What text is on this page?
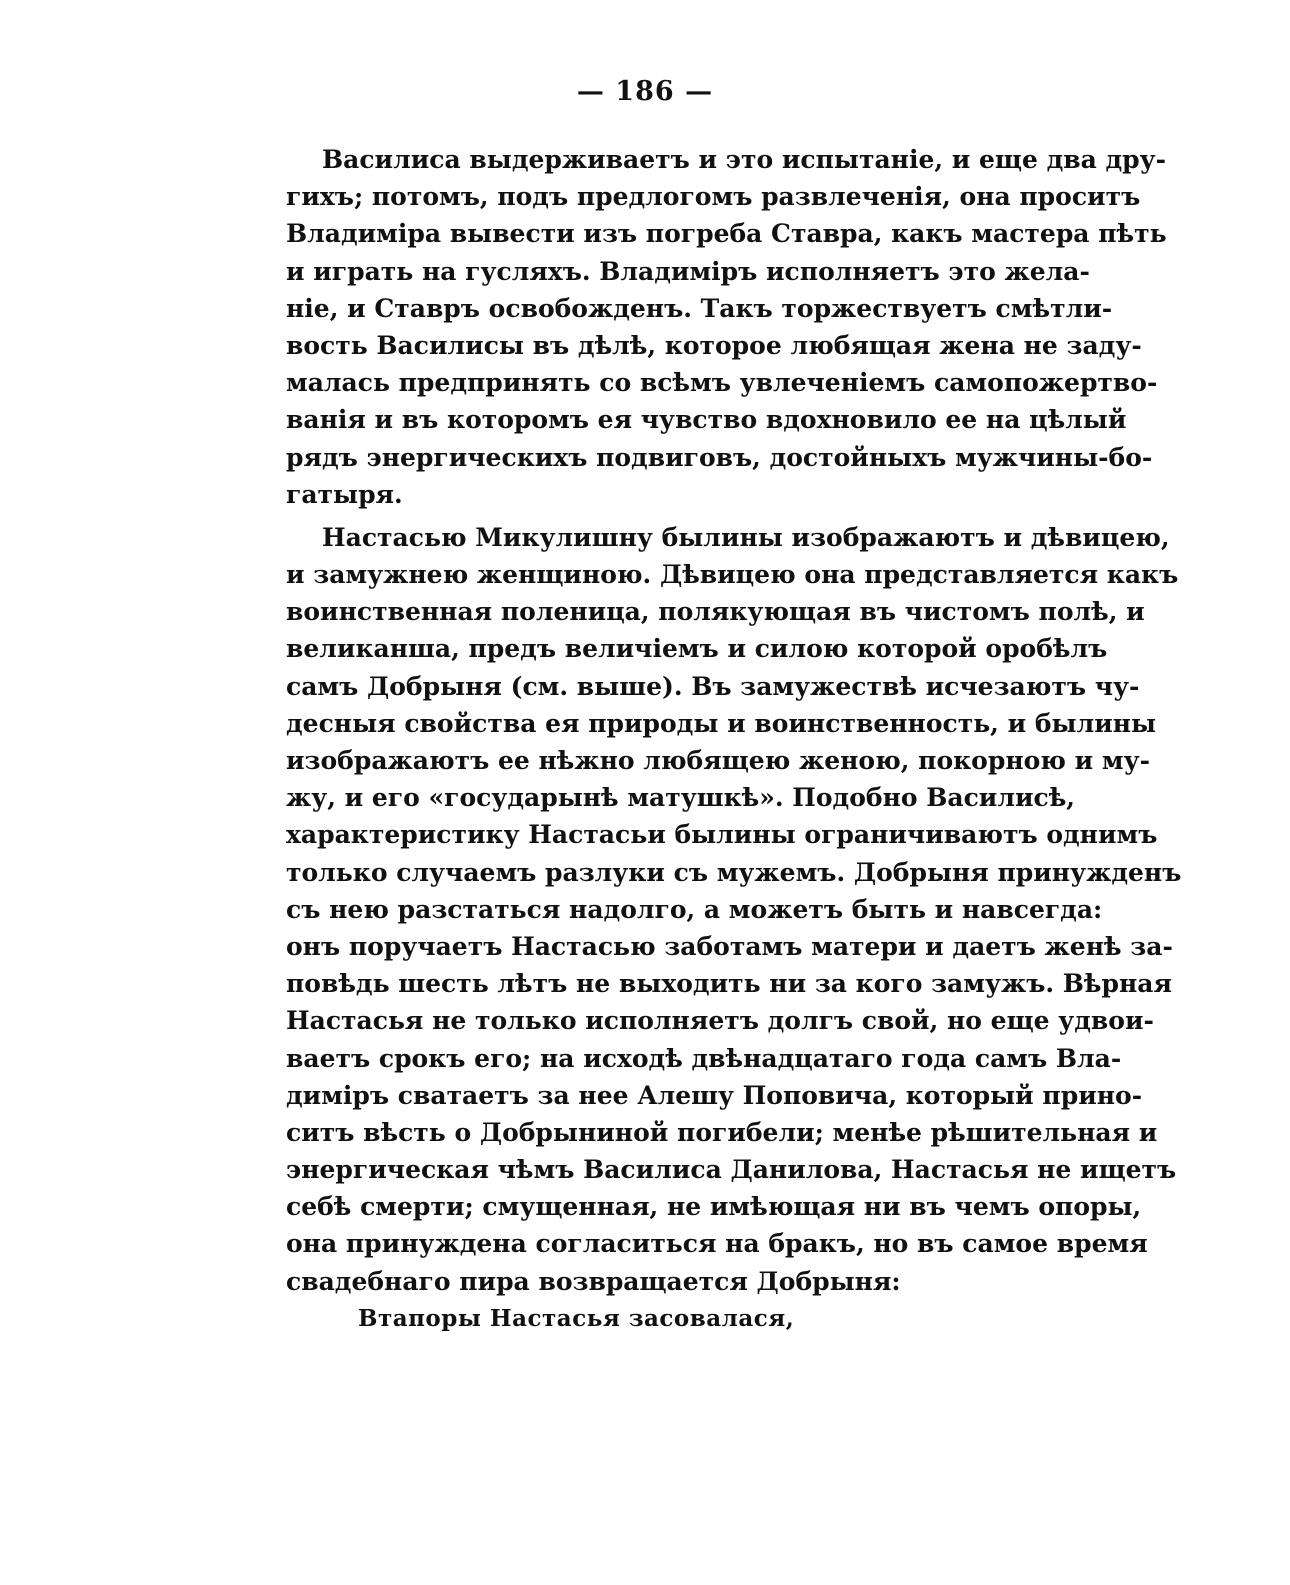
— 186 —
Василиса выдерживаетъ и это испытаніе, и еще два дру-
гихъ; потомъ, подъ предлогомъ развлеченія, она проситъ
Владиміра вывести изъ погреба Ставра, какъ мастера пѣть
и играть на гусляхъ. Владиміръ исполняетъ это жела-
ніе, и Ставръ освобожденъ. Такъ торжествуетъ смѣтли-
вость Василисы въ дѣлѣ, которое любящая жена не заду-
малась предпринять со всѣмъ увлеченіемъ самопожертво-
ванія и въ которомъ ея чувство вдохновило ее на цѣлый
рядъ энергическихъ подвиговъ, достойныхъ мужчины-бо-
гатыря.
Настасью Микулишну былины изображаютъ и дѣвицею,
и замужнею женщиною. Дѣвицею она представляется какъ
воинственная поленица, полякующая въ чистомъ полѣ, и
великанша, предъ величіемъ и силою которой оробѣлъ
самъ Добрыня (см. выше). Въ замужествѣ исчезаютъ чу-
десныя свойства ея природы и воинственность, и былины
изображаютъ ее нѣжно любящею женою, покорною и му-
жу, и его «государынѣ матушкѣ». Подобно Василисѣ,
характеристику Настасьи былины ограничиваютъ однимъ
только случаемъ разлуки съ мужемъ. Добрыня принужденъ
съ нею разстаться надолго, а можетъ быть и навсегда:
онъ поручаетъ Настасью заботамъ матери и даетъ женѣ за-
повѣдь шесть лѣтъ не выходить ни за кого замужъ. Вѣрная
Настасья не только исполняетъ долгъ свой, но еще удвои-
ваетъ срокъ его; на исходѣ двѣнадцатаго года самъ Вла-
диміръ сватаетъ за нее Алешу Поповича, который прино-
ситъ вѣсть о Добрыниной погибели; менѣе рѣшительная и
энергическая чѣмъ Василиса Данилова, Настасья не ищетъ
себѣ смерти; смущенная, не имѣющая ни въ чемъ опоры,
она принуждена согласиться на бракъ, но въ самое время
свадебнаго пира возвращается Добрыня:
Втапоры Настасья засовалася,
